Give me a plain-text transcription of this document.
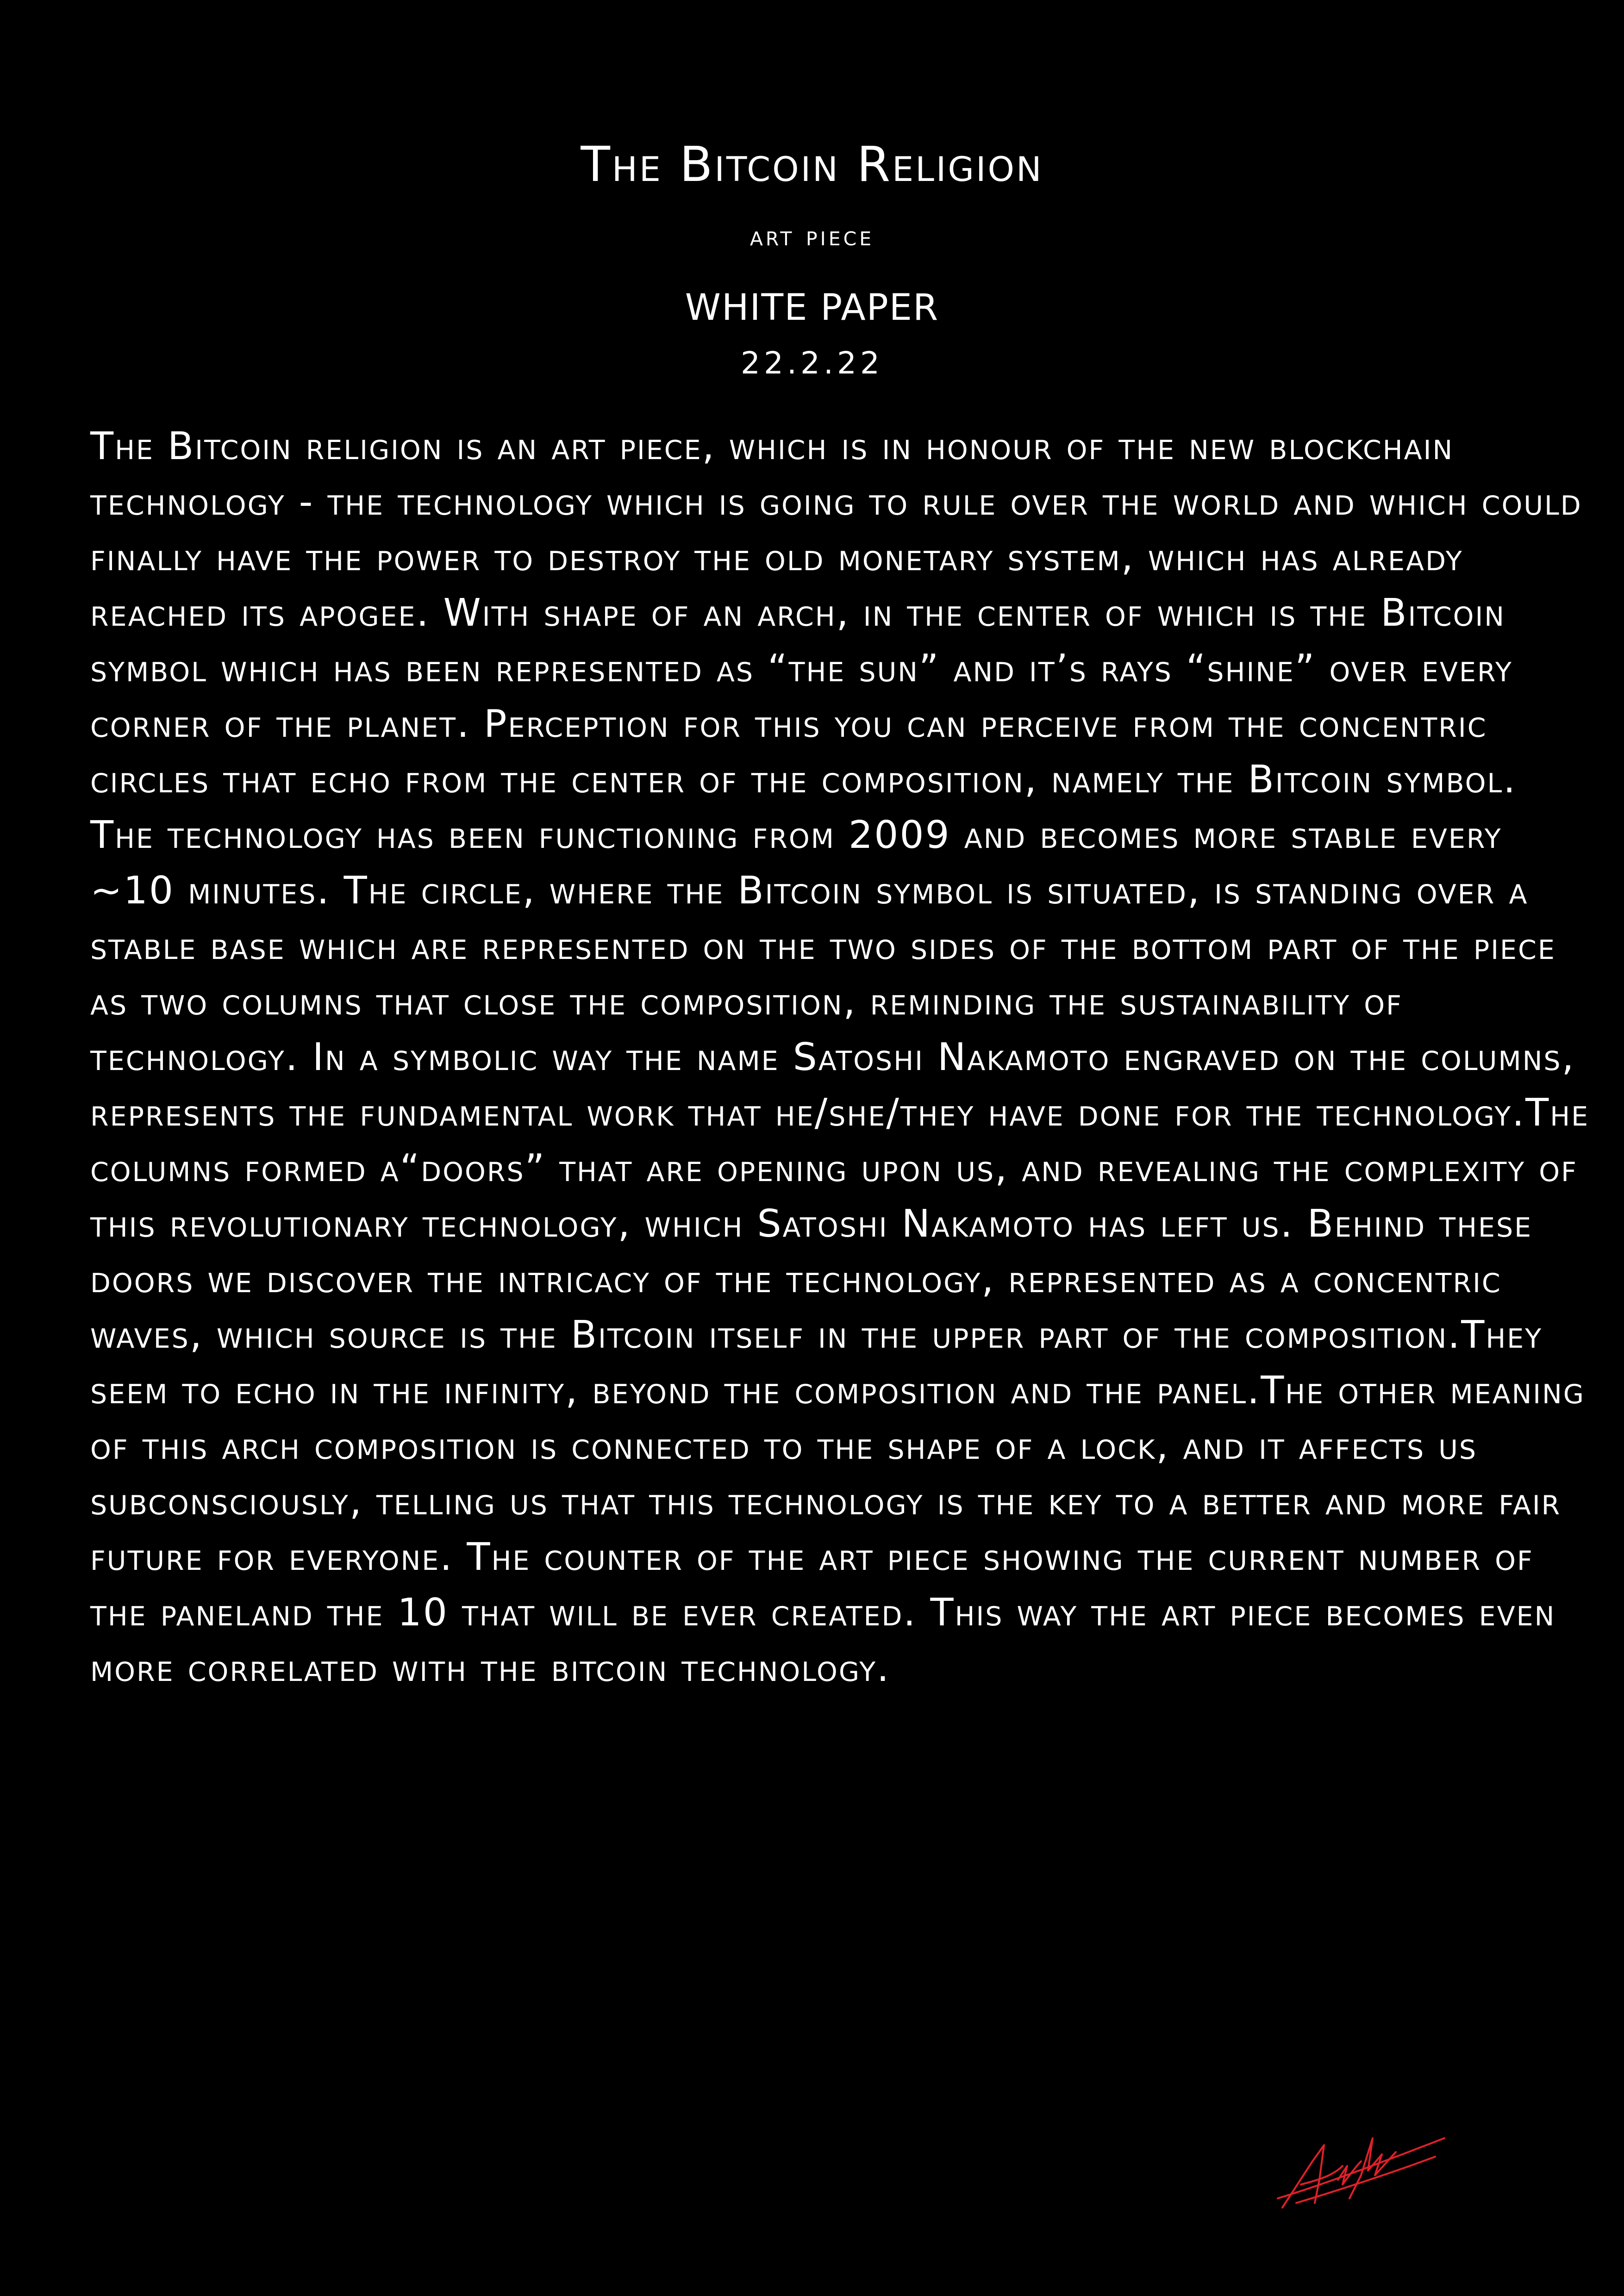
The Bitcoin Religion
art piece
WHITE PAPER
22.2.22

The Bitcoin religion is an art piece, which is in honour of the new blockchain technology - the technology which is going to rule over the world and which could finally have the power to destroy the old monetary system, which has already reached its apogee. With shape of an arch, in the center of which is the Bitcoin symbol which has been represented as “the sun” and it’s rays “shine” over every corner of the planet. Perception for this you can perceive from the concentric circles that echo from the center of the composition, namely the Bitcoin symbol.

The technology has been functioning from 2009 and becomes more stable every ~10 minutes. The circle, where the Bitcoin symbol is situated, is standing over a stable base which are represented on the two sides of the bottom part of the piece as two columns that close the composition, reminding the sustainability of technology. In a symbolic way the name Satoshi Nakamoto engraved on the columns, represents the fundamental work that he/she/they have done for the technology.The columns formed a“doors” that are opening upon us, and revealing the complexity of this revolutionary technology, which Satoshi Nakamoto has left us. Behind these doors we discover the intricacy of the technology, represented as a concentric waves, which source is the Bitcoin itself in the upper part of the composition.They seem to echo in the infinity, beyond the composition and the panel.The other meaning of this arch composition is connected to the shape of a lock, and it affects us subconsciously, telling us that this technology is the key to a better and more fair future for everyone. The counter of the art piece showing the current number of the paneland the 10 that will be ever created. This way the art piece becomes even more correlated with the bitcoin technology.
